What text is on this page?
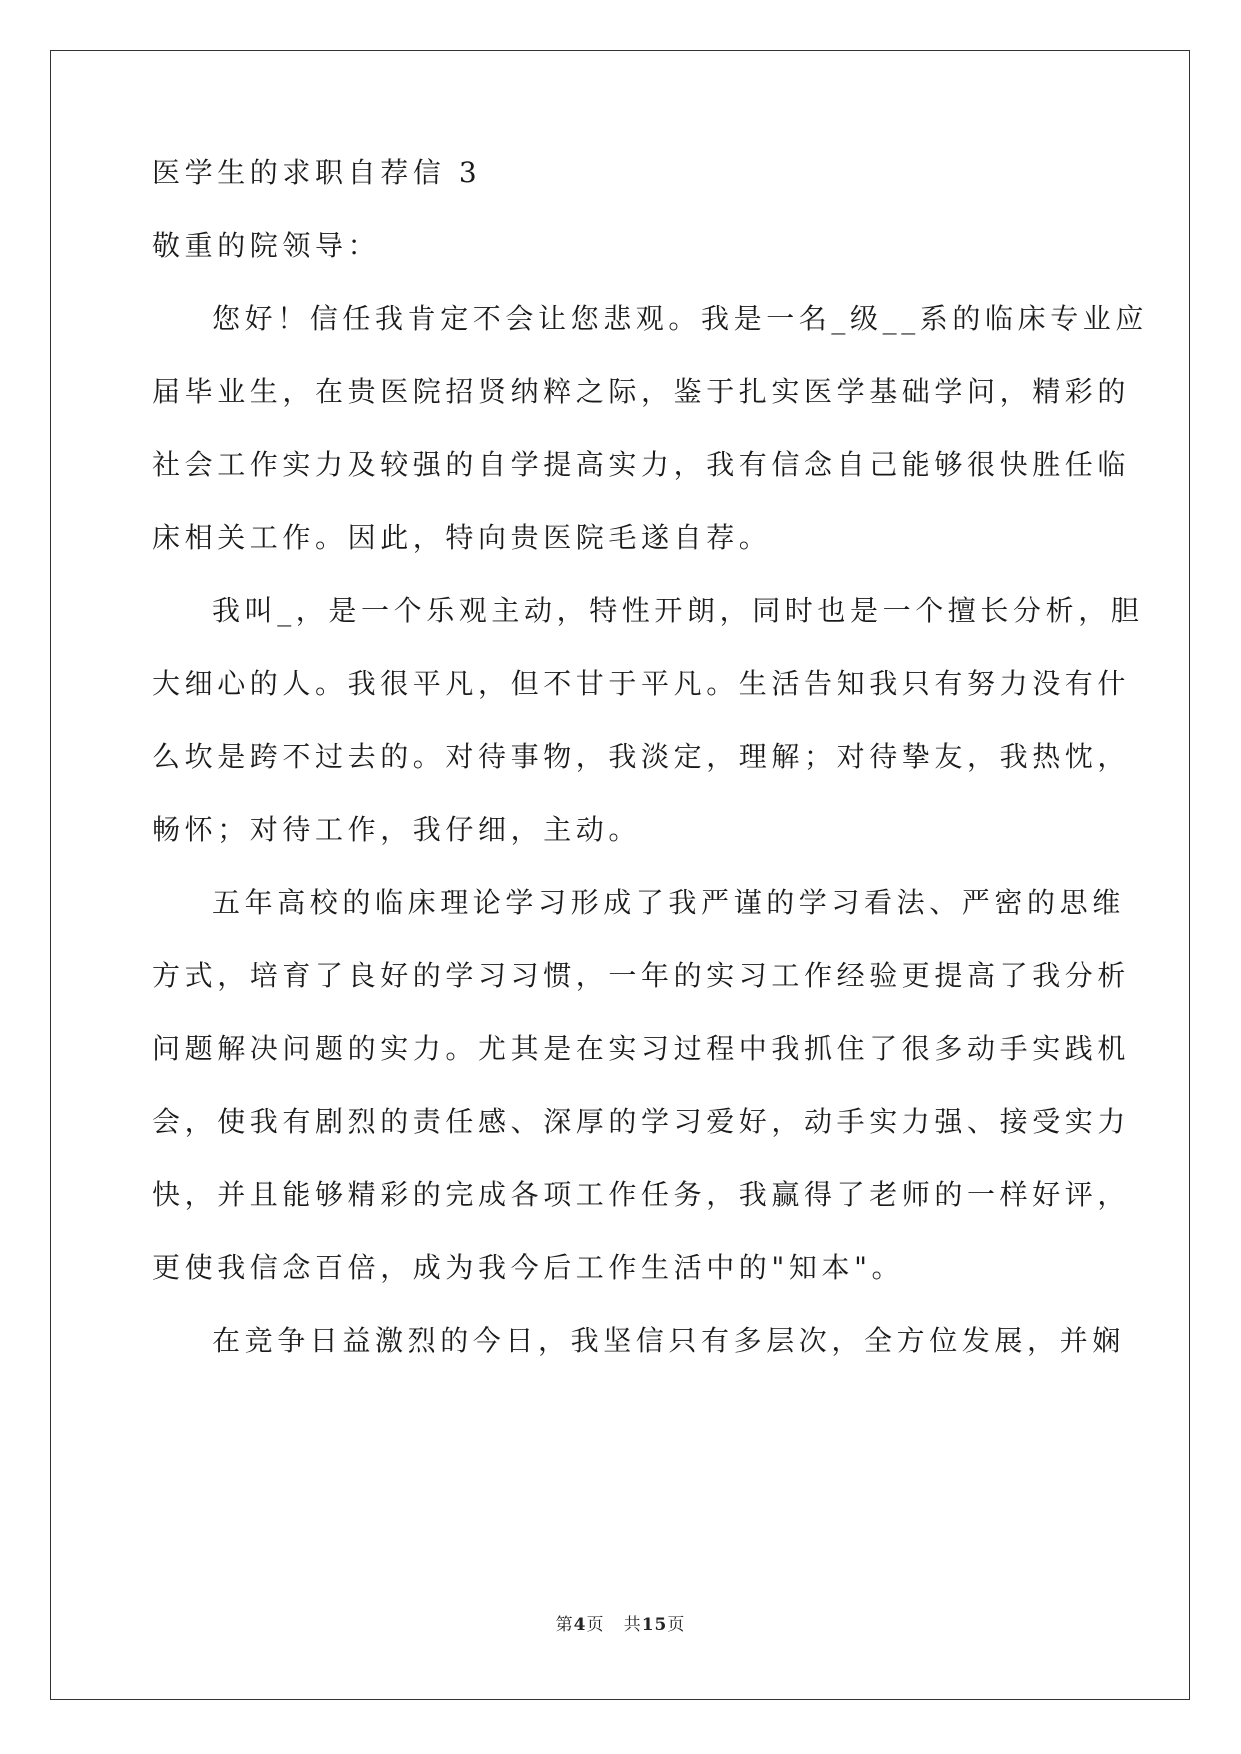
医学生的求职自荐信 3
敬重的院领导：
您好！信任我肯定不会让您悲观。我是一名_级__系的临床专业应
届毕业生，在贵医院招贤纳粹之际，鉴于扎实医学基础学问，精彩的
社会工作实力及较强的自学提高实力，我有信念自己能够很快胜任临
床相关工作。因此，特向贵医院毛遂自荐。
我叫_，是一个乐观主动，特性开朗，同时也是一个擅长分析，胆
大细心的人。我很平凡，但不甘于平凡。生活告知我只有努力没有什
么坎是跨不过去的。对待事物，我淡定，理解；对待挚友，我热忱，
畅怀；对待工作，我仔细，主动。
五年高校的临床理论学习形成了我严谨的学习看法、严密的思维
方式，培育了良好的学习习惯，一年的实习工作经验更提高了我分析
问题解决问题的实力。尤其是在实习过程中我抓住了很多动手实践机
会，使我有剧烈的责任感、深厚的学习爱好，动手实力强、接受实力
快，并且能够精彩的完成各项工作任务，我赢得了老师的一样好评，
更使我信念百倍，成为我今后工作生活中的"知本"。
在竞争日益激烈的今日，我坚信只有多层次，全方位发展，并娴
第4页 共15页
